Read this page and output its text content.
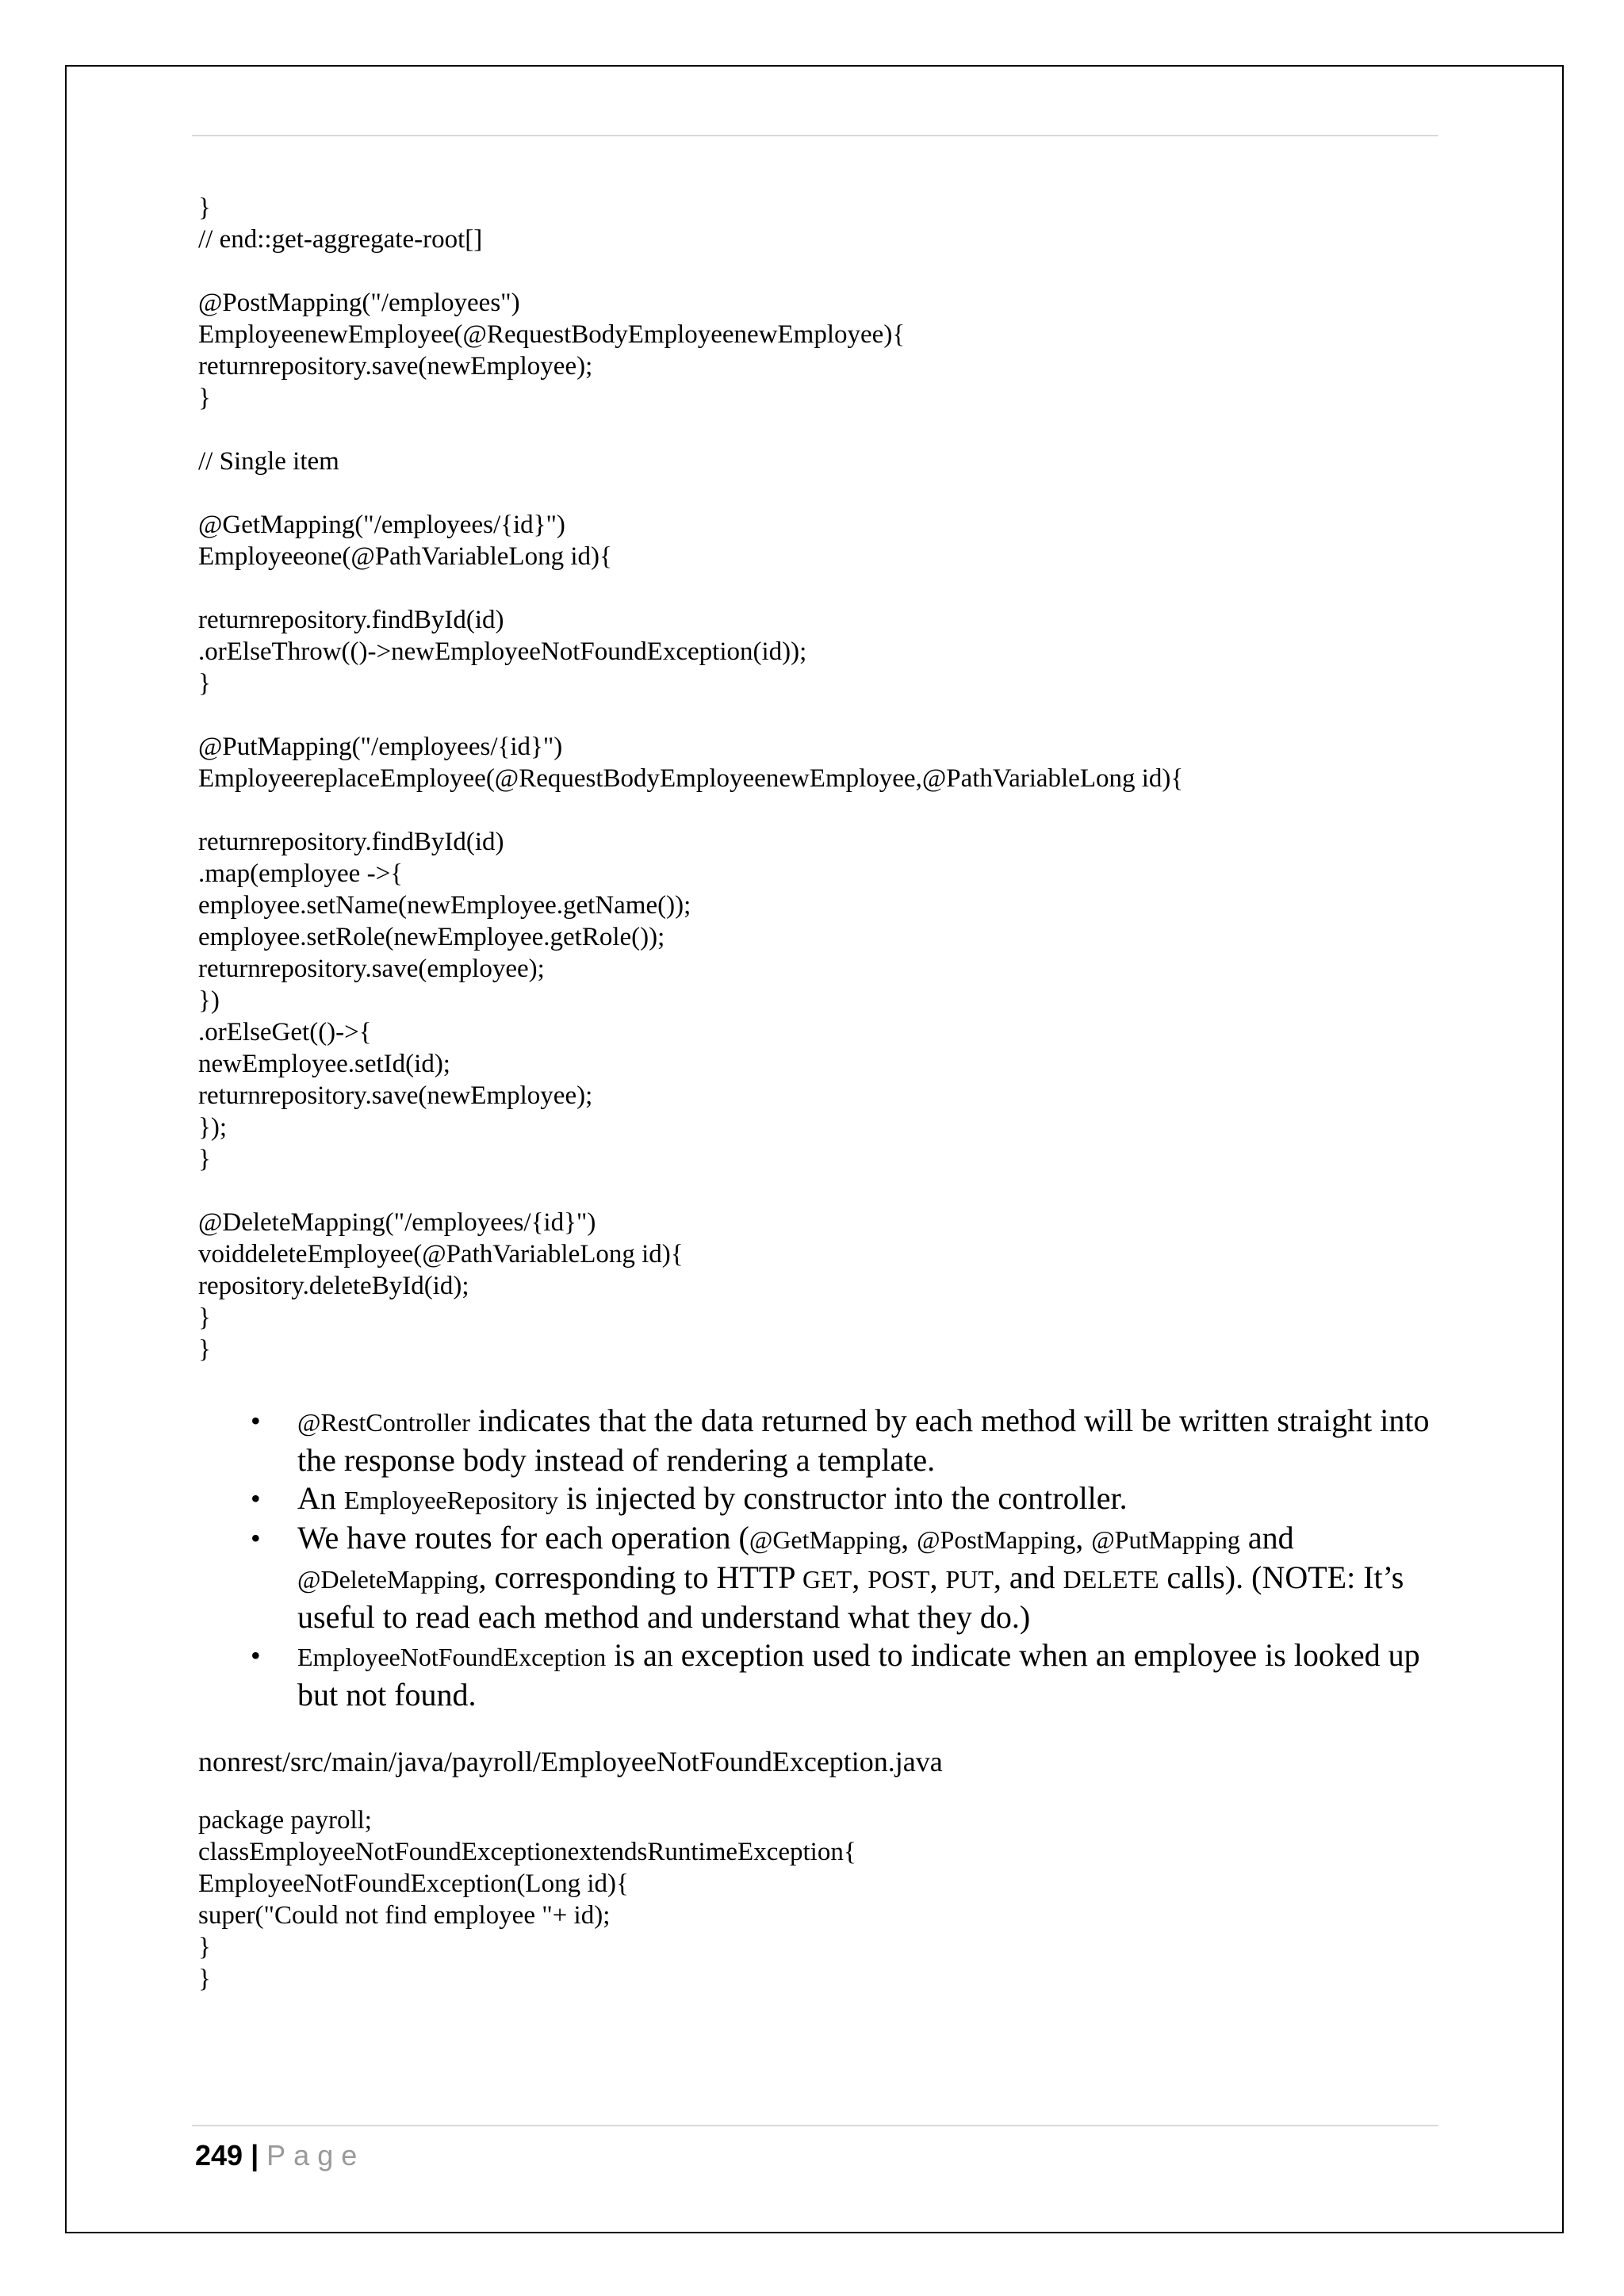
}
// end::get-aggregate-root[]
@PostMapping("/employees")
EmployeenewEmployee(@RequestBodyEmployeenewEmployee){
returnrepository.save(newEmployee);
}
// Single item
@GetMapping("/employees/{id}")
Employeeone(@PathVariableLong id){
returnrepository.findById(id)
.orElseThrow(()->newEmployeeNotFoundException(id));
}
@PutMapping("/employees/{id}")
EmployeereplaceEmployee(@RequestBodyEmployeenewEmployee,@PathVariableLong id){
returnrepository.findById(id)
.map(employee ->{
employee.setName(newEmployee.getName());
employee.setRole(newEmployee.getRole());
returnrepository.save(employee);
})
.orElseGet(()->{
newEmployee.setId(id);
returnrepository.save(newEmployee);
});
}
@DeleteMapping("/employees/{id}")
voiddeleteEmployee(@PathVariableLong id){
repository.deleteById(id);
}
}
• @RestController indicates that the data returned by each method will be written straight into the response body instead of rendering a template.
• An EmployeeRepository is injected by constructor into the controller.
• We have routes for each operation (@GetMapping, @PostMapping, @PutMapping and @DeleteMapping, corresponding to HTTP GET, POST, PUT, and DELETE calls). (NOTE: It’s useful to read each method and understand what they do.)
• EmployeeNotFoundException is an exception used to indicate when an employee is looked up but not found.
nonrest/src/main/java/payroll/EmployeeNotFoundException.java
package payroll;
classEmployeeNotFoundExceptionextendsRuntimeException{
EmployeeNotFoundException(Long id){
super("Could not find employee "+ id);
}
}
249 | Page
